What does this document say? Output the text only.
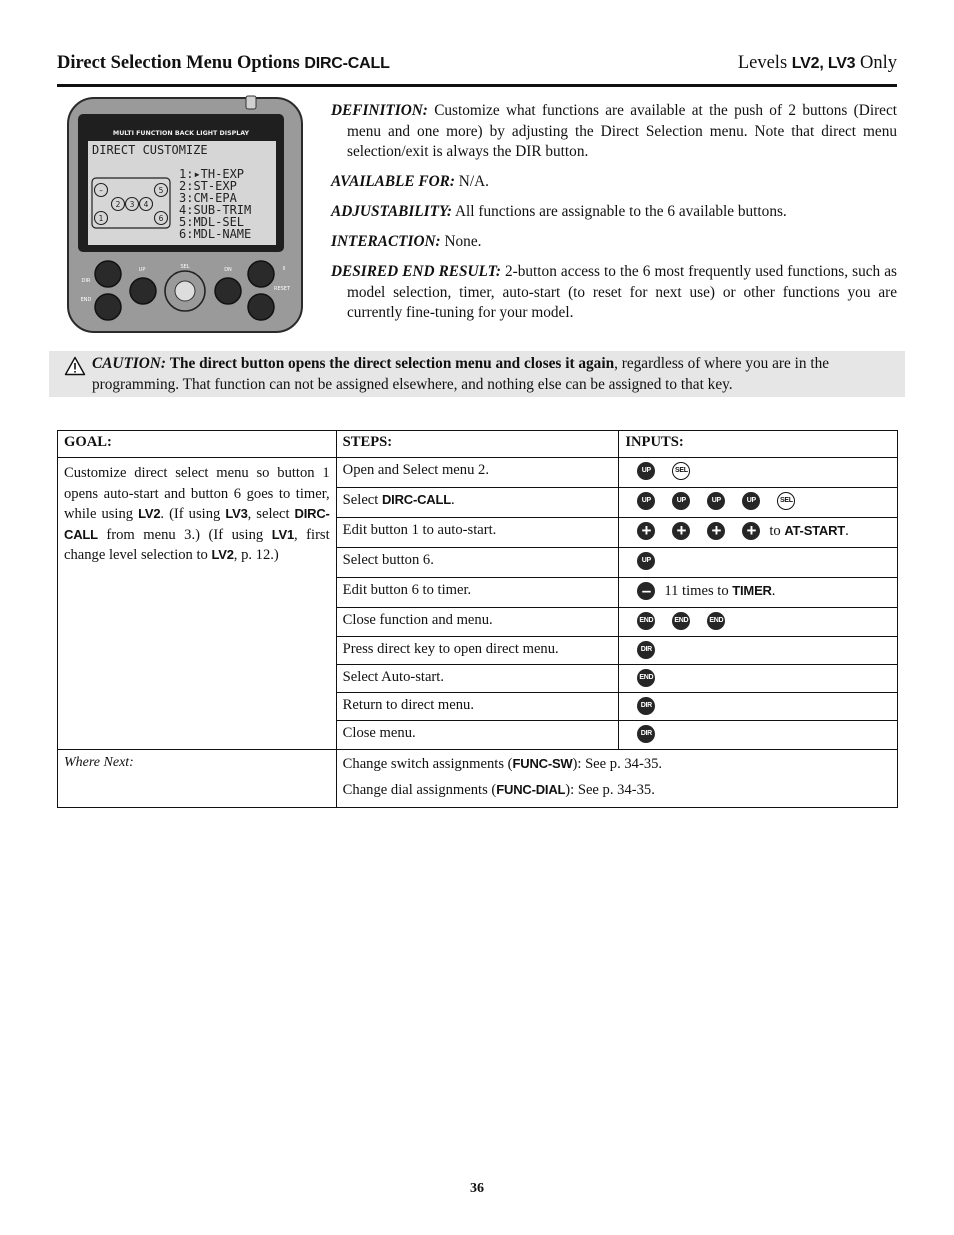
Direct Selection Menu Options DIRC-CALL	Levels LV2, LV3 Only
MULTI FUNCTION BACK LIGHT DISPLAY
DIRECT CUSTOMIZE
1:▸TH-EXP
2:ST-EXP
3:CM-EPA
4:SUB-TRIM
5:MDL-SEL
6:MDL-NAME
–
1
2 3 4
5
6
DIR
UP	SEL	DN	II
END
RESET

DEFINITION: Customize what functions are available at the push of 2 buttons (Direct menu and one more) by adjusting the Direct Selection menu. Note that direct menu selection/exit is always the DIR button.

AVAILABLE FOR: N/A.

ADJUSTABILITY: All functions are assignable to the 6 available buttons.

INTERACTION: None.

DESIRED END RESULT: 2-button access to the 6 most frequently used functions, such as model selection, timer, auto-start (to reset for next use) or other functions you are currently fine-tuning for your model.

CAUTION: The direct button opens the direct selection menu and closes it again, regardless of where you are in the programming. That function can not be assigned elsewhere, and nothing else can be assigned to that key.
GOAL:	STEPS:	INPUTS:
Customize direct select menu so button 1 opens auto-start and button 6 goes to timer, while using LV2. (If using LV3, select DIRC-CALL from menu 3.) (If using LV1, first change level selection to LV2, p. 12.)	Open and Select menu 2.	UP SEL
	Select DIRC-CALL.	UP UP UP UP SEL
	Edit button 1 to auto-start.	+ + + + to AT-START.
	Select button 6.	UP
	Edit button 6 to timer.	– 11 times to TIMER.
	Close function and menu.	END END END
	Press direct key to open direct menu.	DIR
	Select Auto-start.	END
	Return to direct menu.	DIR
	Close menu.	DIR
Where Next:	Change switch assignments (FUNC-SW): See p. 34-35.
Change dial assignments (FUNC-DIAL): See p. 34-35.	
36
